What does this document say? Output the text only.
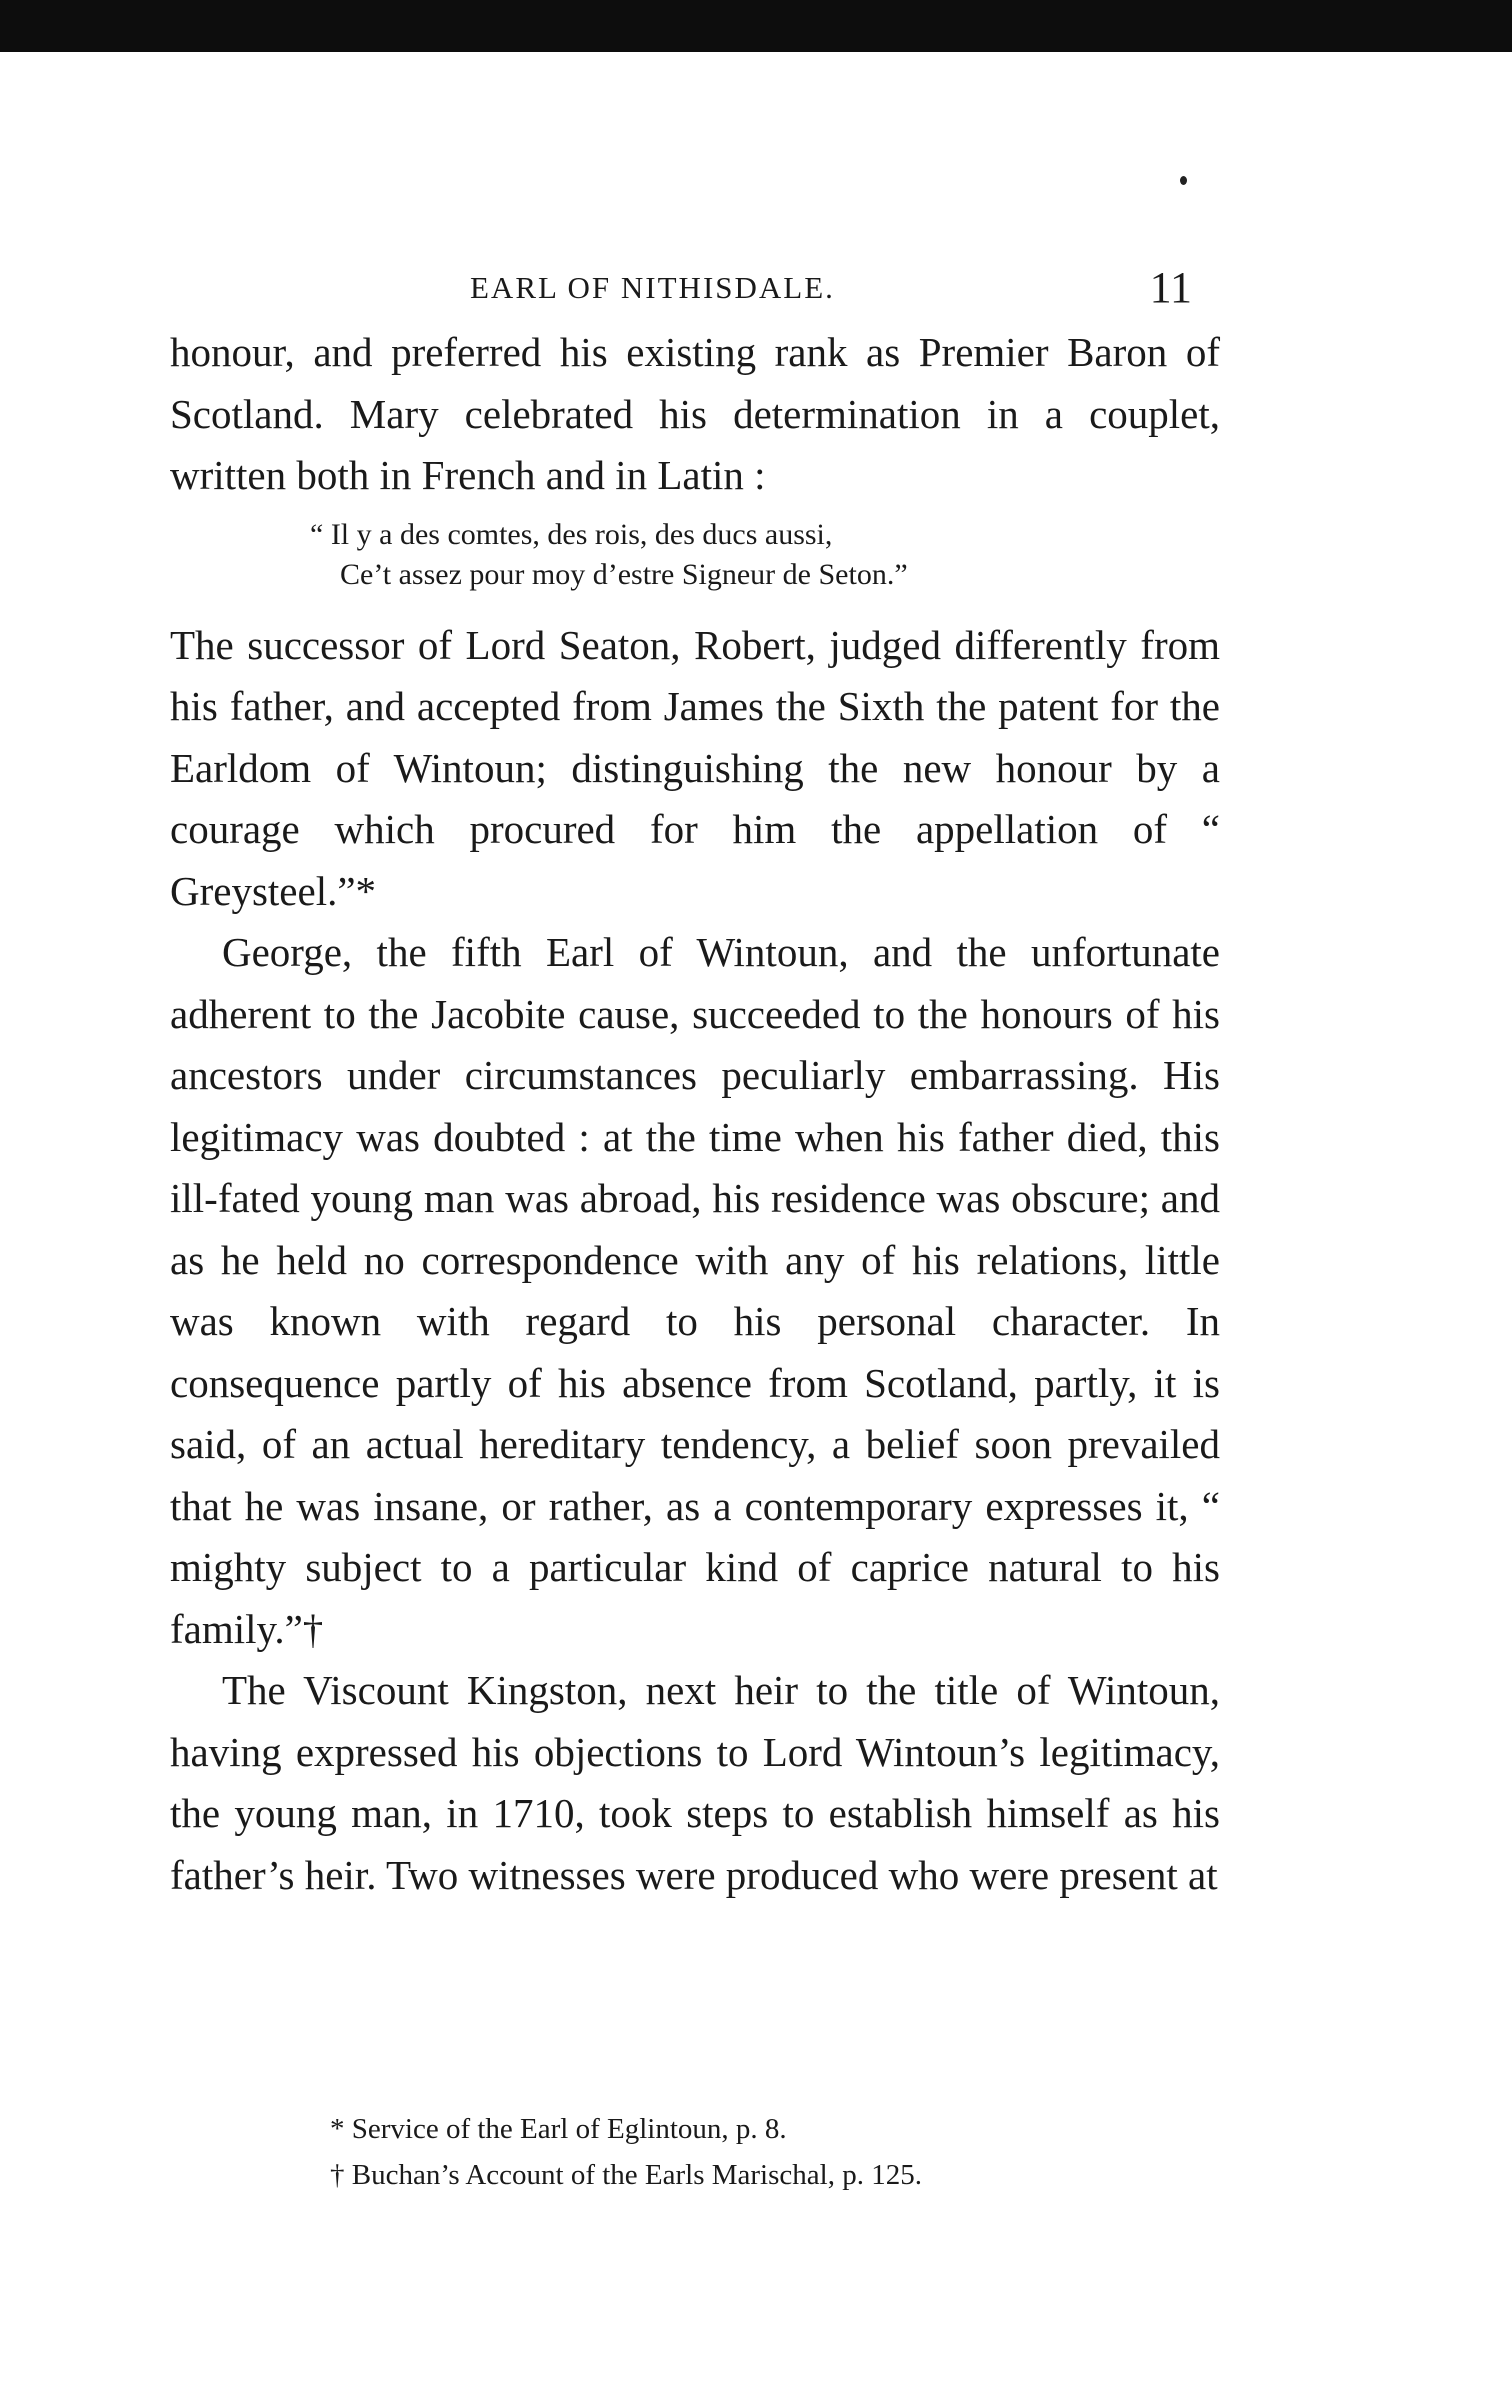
EARL OF NITHISDALE.	11

honour, and preferred his existing rank as Premier Baron of Scotland. Mary celebrated his determination in a couplet, written both in French and in Latin :

“ Il y a des comtes, des rois, des ducs aussi,
Ce’t assez pour moy d’estre Signeur de Seton.”

The successor of Lord Seaton, Robert, judged differently from his father, and accepted from James the Sixth the patent for the Earldom of Wintoun; distinguishing the new honour by a courage which procured for him the appellation of “ Greysteel.”*

George, the fifth Earl of Wintoun, and the unfortunate adherent to the Jacobite cause, succeeded to the honours of his ancestors under circumstances peculiarly embarrassing. His legitimacy was doubted : at the time when his father died, this ill-fated young man was abroad, his residence was obscure; and as he held no correspondence with any of his relations, little was known with regard to his personal character. In consequence partly of his absence from Scotland, partly, it is said, of an actual hereditary tendency, a belief soon prevailed that he was insane, or rather, as a contemporary expresses it, “ mighty subject to a particular kind of caprice natural to his family.”†

The Viscount Kingston, next heir to the title of Wintoun, having expressed his objections to Lord Wintoun’s legitimacy, the young man, in 1710, took steps to establish himself as his father’s heir. Two witnesses were produced who were present at

* Service of the Earl of Eglintoun, p. 8.
† Buchan’s Account of the Earls Marischal, p. 125.
